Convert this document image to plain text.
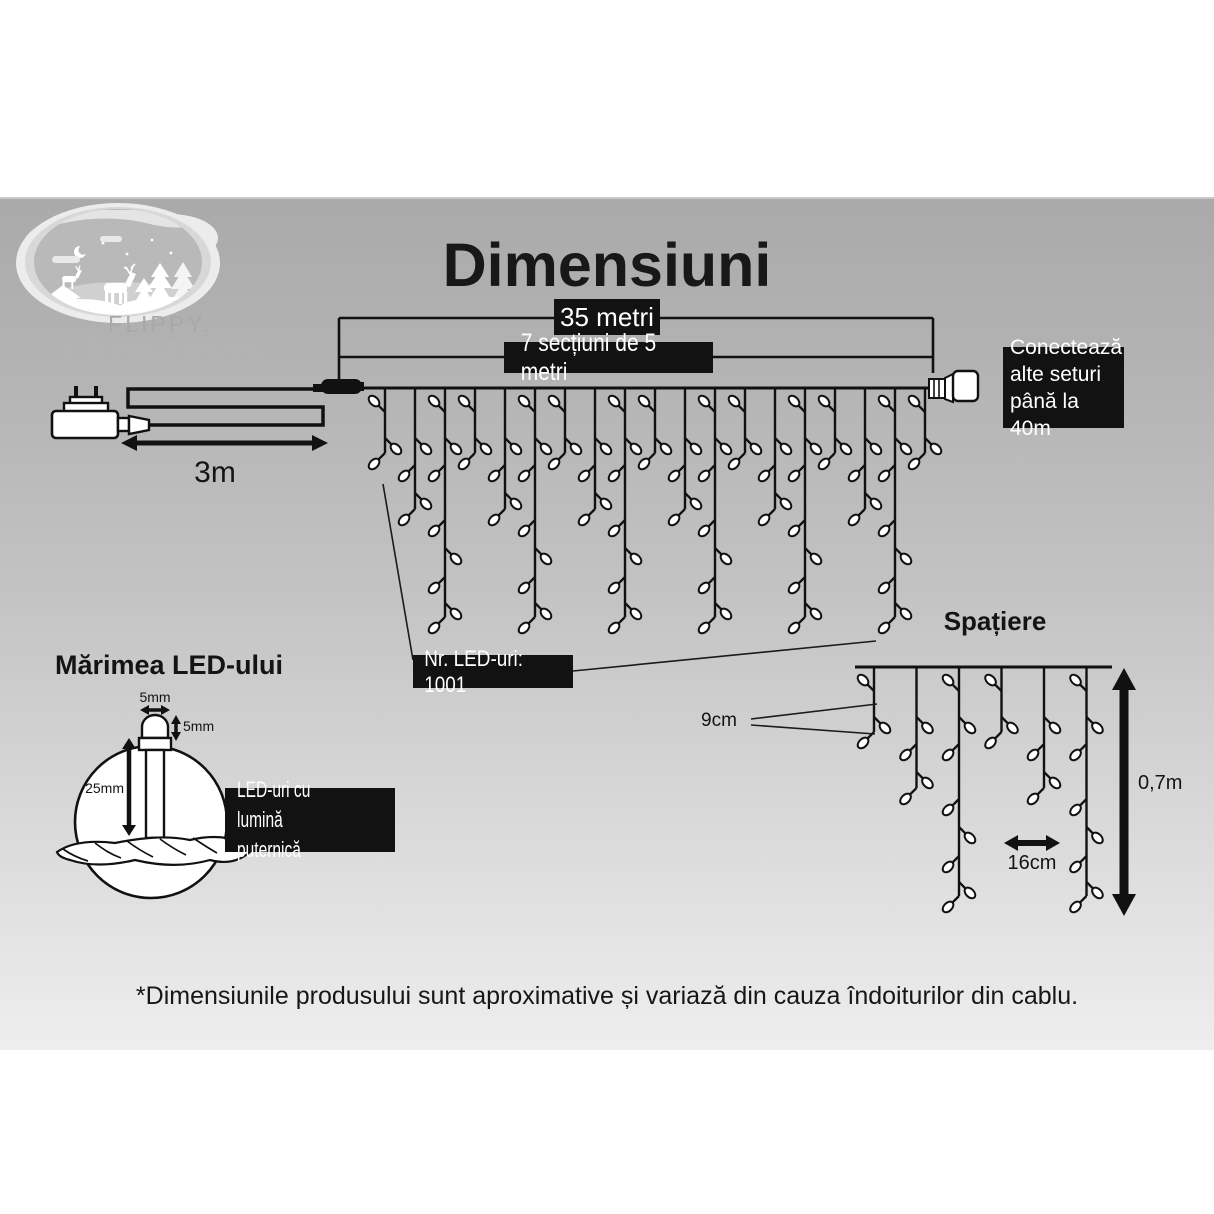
FLIPPY.
christmas
Dimensiuni
35 metri
7 secțiuni de 5 metri
Conectează
alte seturi
până la 40m
Nr. LED-uri: 1001
LED-uri cu lumină
puternică
3m
Spațiere
Mărimea LED-ului
0,7m
16cm
9cm
5mm
5mm
25mm
*Dimensiunile produsului sunt aproximative și variază din cauza îndoiturilor din cablu.
